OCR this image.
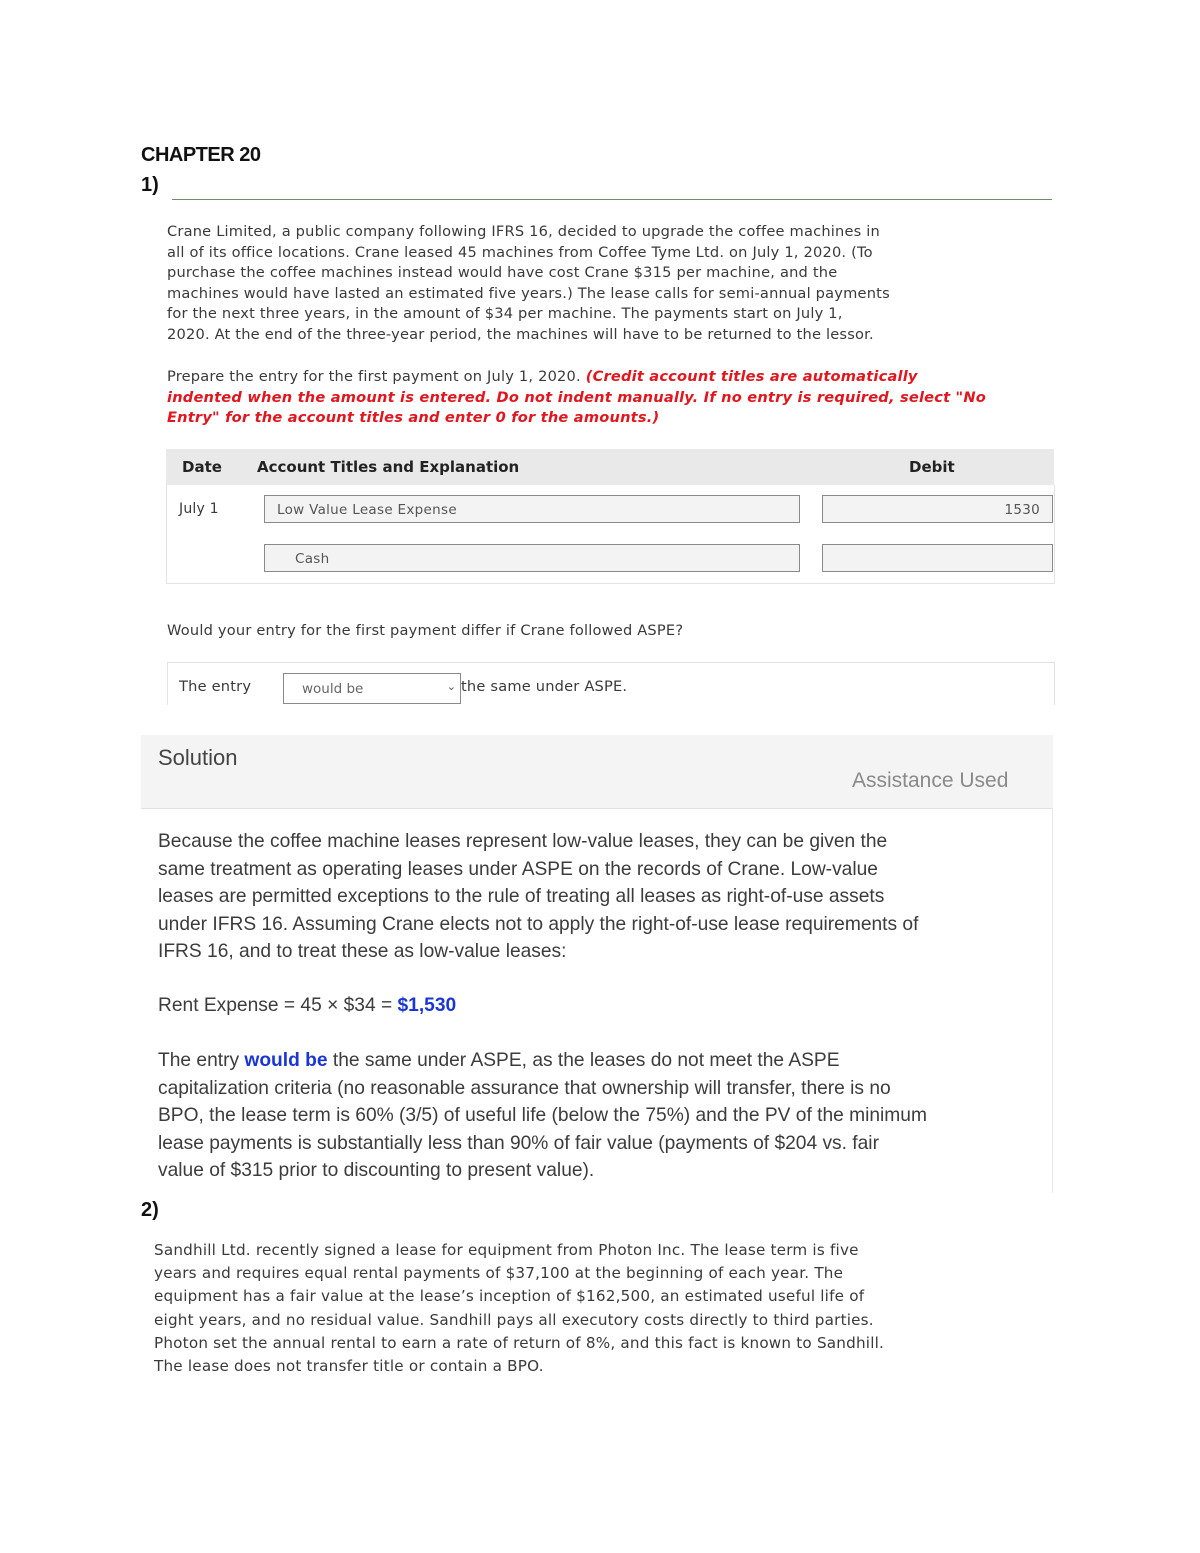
CHAPTER 20
1)
Crane Limited, a public company following IFRS 16, decided to upgrade the coffee machines in
all of its office locations. Crane leased 45 machines from Coffee Tyme Ltd. on July 1, 2020. (To
purchase the coffee machines instead would have cost Crane $315 per machine, and the
machines would have lasted an estimated five years.) The lease calls for semi-annual payments
for the next three years, in the amount of $34 per machine. The payments start on July 1,
2020. At the end of the three-year period, the machines will have to be returned to the lessor.
Prepare the entry for the first payment on July 1, 2020. (Credit account titles are automatically
indented when the amount is entered. Do not indent manually. If no entry is required, select "No
Entry" for the account titles and enter 0 for the amounts.)
Date Account Titles and Explanation	Debit
July 1	Low Value Lease Expense	1530
Cash
Would your entry for the first payment differ if Crane followed ASPE?
The entry	would be	⌄ the same under ASPE.
Solution
Assistance Used
Because the coffee machine leases represent low-value leases, they can be given the
same treatment as operating leases under ASPE on the records of Crane. Low-value
leases are permitted exceptions to the rule of treating all leases as right-of-use assets
under IFRS 16. Assuming Crane elects not to apply the right-of-use lease requirements of
IFRS 16, and to treat these as low-value leases:
Rent Expense = 45 × $34 = $1,530
The entry would be the same under ASPE, as the leases do not meet the ASPE
capitalization criteria (no reasonable assurance that ownership will transfer, there is no
BPO, the lease term is 60% (3/5) of useful life (below the 75%) and the PV of the minimum
lease payments is substantially less than 90% of fair value (payments of $204 vs. fair
value of $315 prior to discounting to present value).
2)
Sandhill Ltd. recently signed a lease for equipment from Photon Inc. The lease term is five
years and requires equal rental payments of $37,100 at the beginning of each year. The
equipment has a fair value at the lease’s inception of $162,500, an estimated useful life of
eight years, and no residual value. Sandhill pays all executory costs directly to third parties.
Photon set the annual rental to earn a rate of return of 8%, and this fact is known to Sandhill.
The lease does not transfer title or contain a BPO.
